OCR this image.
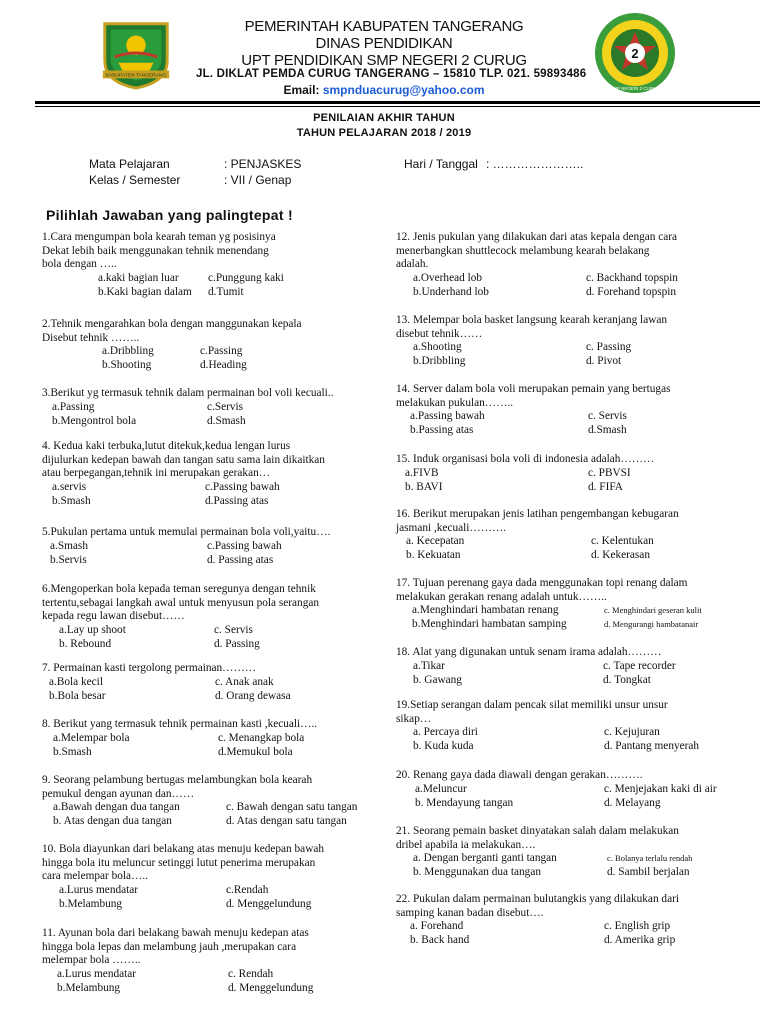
KABUPATEN TANGERANG
PEMERINTAH KABUPATEN TANGERANG
DINAS PENDIDIKAN
UPT PENDIDIKAN SMP NEGERI 2 CURUG
JL. DIKLAT PEMDA CURUG TANGERANG – 15810 TLP. 021. 59893486
Email: smpnduacurug@yahoo.com
2
SMP NEGERI 2 CURUG
PENILAIAN AKHIR TAHUN
TAHUN PELAJARAN 2018 / 2019
Mata Pelajaran	: PENJASKES
Kelas / Semester	: VII / Genap
Hari / Tanggal : …………………..
Pilihlah Jawaban yang palingtepat !
1.Cara mengumpan bola kearah teman yg posisinya
Dekat lebih baik menggunakan tehnik menendang
bola dengan …..
a.kaki bagian luar	c.Punggung kaki
b.Kaki bagian dalam d.Tumit
2.Tehnik mengarahkan bola dengan manggunakan kepala
Disebut tehnik ……..
a.Dribbling	c.Passing
b.Shooting	d.Heading
3.Berikut yg termasuk tehnik dalam permainan bol voli kecuali..
a.Passing	c.Servis
b.Mengontrol bola	d.Smash
4. Kedua kaki terbuka,lutut ditekuk,kedua lengan lurus
dijulurkan kedepan bawah dan tangan satu sama lain dikaitkan
atau berpegangan,tehnik ini merupakan gerakan…
a.servis	c.Passing bawah
b.Smash	d.Passing atas
5.Pukulan pertama untuk memulai permainan bola voli,yaitu….
a.Smash	c.Passing bawah
b.Servis	d. Passing atas
6.Mengoperkan bola kepada teman seregunya dengan tehnik
tertentu,sebagai langkah awal untuk menyusun pola serangan
kepada regu lawan disebut……
a.Lay up shoot	c. Servis
b. Rebound	d. Passing
7. Permainan kasti tergolong permainan………
a.Bola kecil	c. Anak anak
b.Bola besar	d. Orang dewasa
8. Berikut yang termasuk tehnik permainan kasti ,kecuali…..
a.Melempar bola	c. Menangkap bola
b.Smash	d.Memukul bola
9. Seorang pelambung bertugas melambungkan bola kearah
pemukul dengan ayunan dan……
a.Bawah dengan dua tangan	c. Bawah dengan satu tangan
b. Atas dengan dua tangan	d. Atas dengan satu tangan
10. Bola diayunkan dari belakang atas menuju kedepan bawah
hingga bola itu meluncur setinggi lutut penerima merupakan
cara melempar bola…..
a.Lurus mendatar	c.Rendah
b.Melambung	d. Menggelundung
11. Ayunan bola dari belakang bawah menuju kedepan atas
hingga bola lepas dan melambung jauh ,merupakan cara
melempar bola ……..
a.Lurus mendatar	c. Rendah
b.Melambung	d. Menggelundung
12. Jenis pukulan yang dilakukan dari atas kepala dengan cara
menerbangkan shuttlecock melambung kearah belakang
adalah.
a.Overhead lob	c. Backhand topspin
b.Underhand lob	d. Forehand topspin
13. Melempar bola basket langsung kearah keranjang lawan
disebut tehnik……
a.Shooting	c. Passing
b.Dribbling	d. Pivot
14. Server dalam bola voli merupakan pemain yang bertugas
melakukan pukulan……..
a.Passing bawah	c. Servis
b.Passing atas	d.Smash
15. Induk organisasi bola voli di indonesia adalah………
a.FIVB	c. PBVSI
b. BAVI	d. FIFA
16. Berikut merupakan jenis latihan pengembangan kebugaran
jasmani ,kecuali……….
a. Kecepatan	c. Kelentukan
b. Kekuatan	d. Kekerasan
17. Tujuan perenang gaya dada menggunakan topi renang dalam
melakukan gerakan renang adalah untuk……..
a.Menghindari hambatan renang	c. Menghindari geseran kulit
b.Menghindari hambatan samping	d. Mengurangi hambatanair
18. Alat yang digunakan untuk senam irama adalah………
a.Tikar	c. Tape recorder
b. Gawang	d. Tongkat
19.Setiap serangan dalam pencak silat memiliki unsur unsur
sikap…
a. Percaya diri	c. Kejujuran
b. Kuda kuda	d. Pantang menyerah
20. Renang gaya dada diawali dengan gerakan……….
a.Meluncur	c. Menjejakan kaki di air
b. Mendayung tangan	d. Melayang
21. Seorang pemain basket dinyatakan salah dalam melakukan
dribel apabila ia melakukan….
a. Dengan berganti ganti tangan	c. Bolanya terlalu rendah
b. Menggunakan dua tangan	d. Sambil berjalan
22. Pukulan dalam permainan bulutangkis yang dilakukan dari
samping kanan badan disebut….
a. Forehand	c. English grip
b. Back hand	d. Amerika grip
